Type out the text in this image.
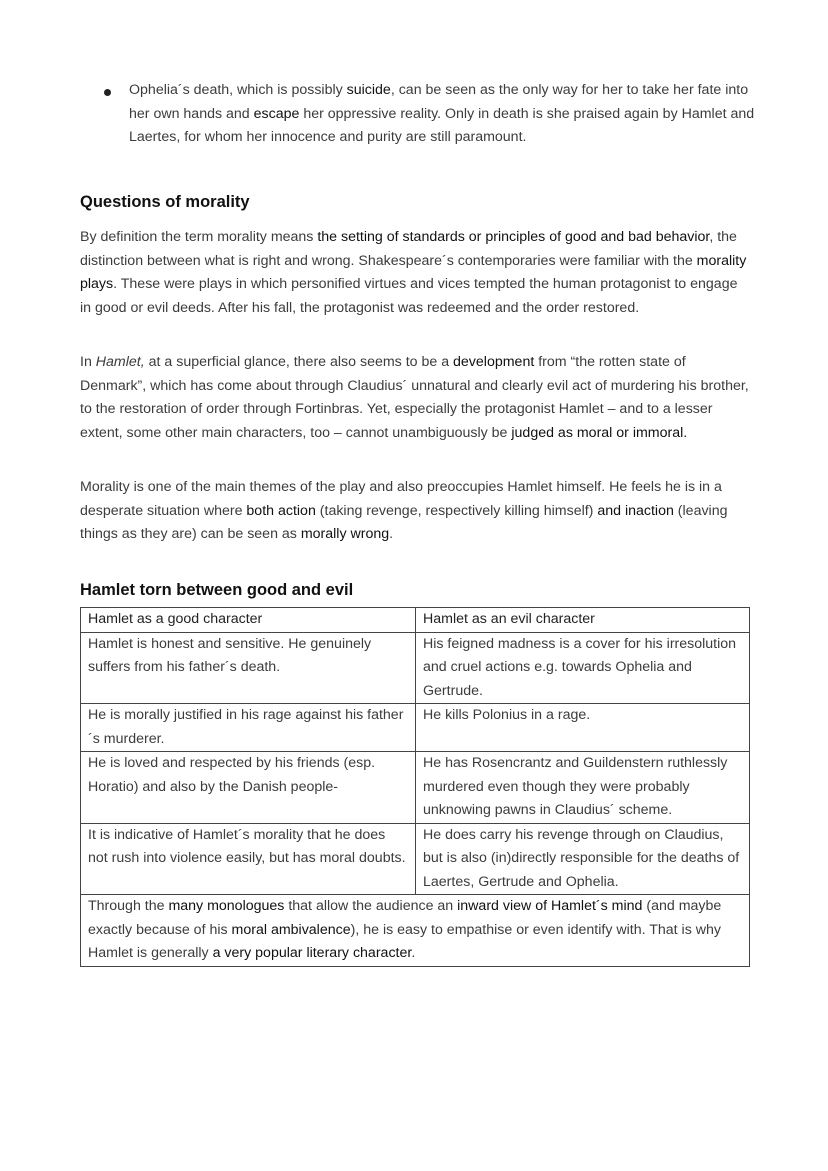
Ophelia´s death, which is possibly suicide, can be seen as the only way for her to take her fate into her own hands and escape her oppressive reality. Only in death is she praised again by Hamlet and Laertes, for whom her innocence and purity are still paramount.

Questions of morality

By definition the term morality means the setting of standards or principles of good and bad behavior, the distinction between what is right and wrong. Shakespeare´s contemporaries were familiar with the morality plays. These were plays in which personified virtues and vices tempted the human protagonist to engage in good or evil deeds. After his fall, the protagonist was redeemed and the order restored.

In Hamlet, at a superficial glance, there also seems to be a development from “the rotten state of Denmark”, which has come about through Claudius´ unnatural and clearly evil act of murdering his brother, to the restoration of order through Fortinbras. Yet, especially the protagonist Hamlet – and to a lesser extent, some other main characters, too – cannot unambiguously be judged as moral or immoral.

Morality is one of the main themes of the play and also preoccupies Hamlet himself. He feels he is in a desperate situation where both action (taking revenge, respectively killing himself) and inaction (leaving things as they are) can be seen as morally wrong.

Hamlet torn between good and evil
Hamlet as a good character	Hamlet as an evil character
Hamlet is honest and sensitive. He genuinely suffers from his father´s death.	His feigned madness is a cover for his irresolution and cruel actions e.g. towards Ophelia and Gertrude.
He is morally justified in his rage against his father´s murderer.	He kills Polonius in a rage.
He is loved and respected by his friends (esp. Horatio) and also by the Danish people-	He has Rosencrantz and Guildenstern ruthlessly murdered even though they were probably unknowing pawns in Claudius´ scheme.
It is indicative of Hamlet´s morality that he does not rush into violence easily, but has moral doubts.	He does carry his revenge through on Claudius, but is also (in)directly responsible for the deaths of Laertes, Gertrude and Ophelia.
Through the many monologues that allow the audience an inward view of Hamlet´s mind (and maybe exactly because of his moral ambivalence), he is easy to empathise or even identify with. That is why Hamlet is generally a very popular literary character.	
